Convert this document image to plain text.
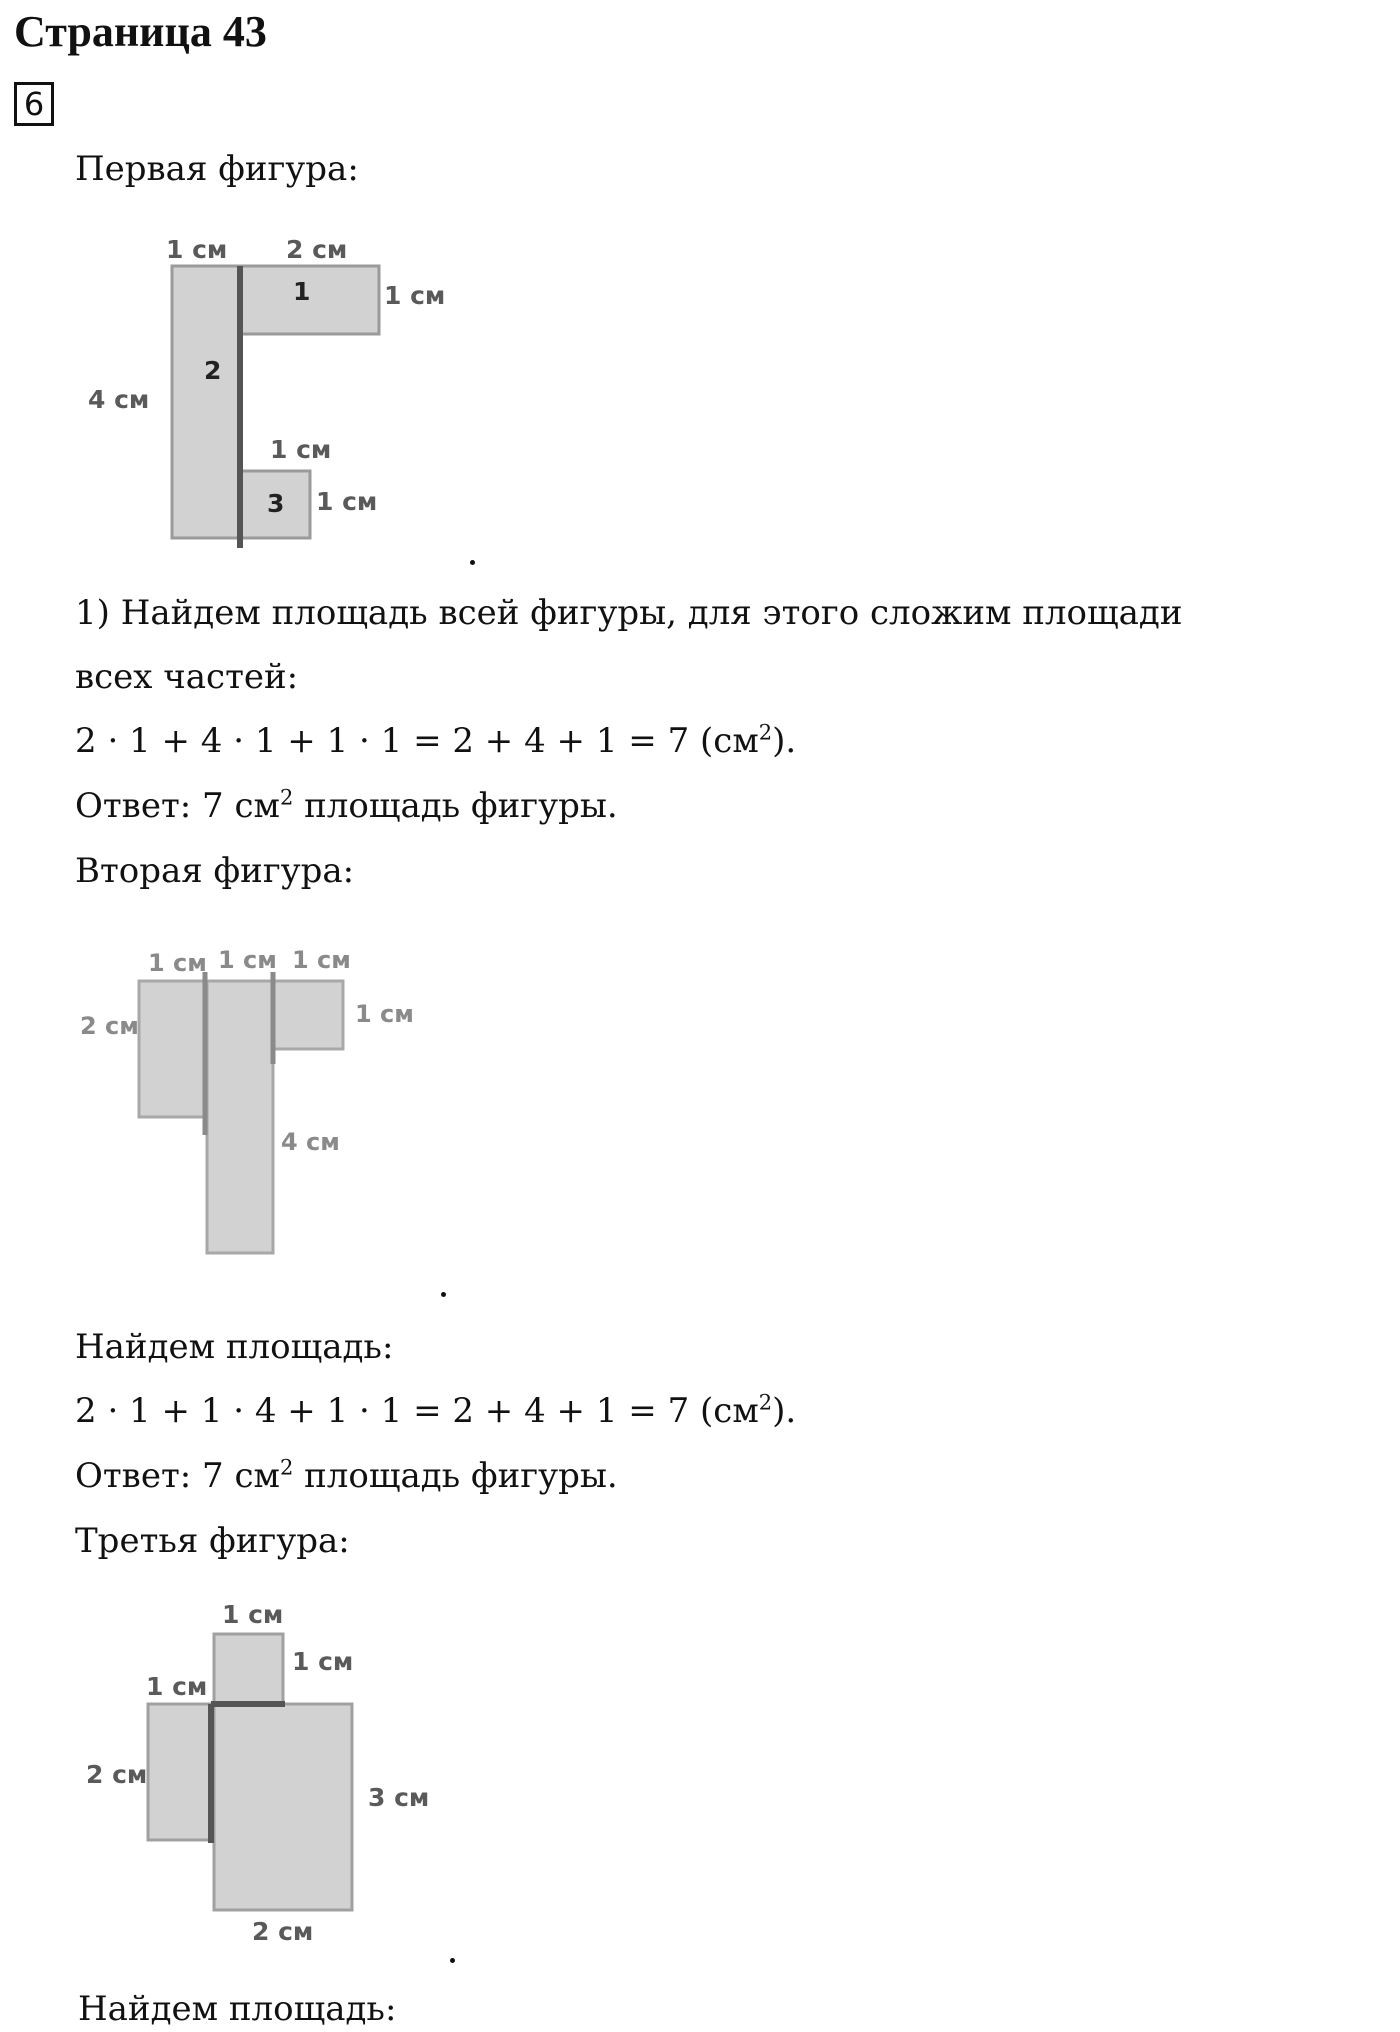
Страница 43
6
Первая фигура:
1 см 2 см
1 см
4 см
1 см
1 см
1
2
3
1 см 1 см 1 см
1 см
2 см
4 см
1 см
1 см
1 см
2 см
3 см
2 см
1) Найдем площадь всей фигуры, для этого сложим площади
всех частей:
2 · 1 + 4 · 1 + 1 · 1 = 2 + 4 + 1 = 7 $(см^2)$.
Ответ: 7 $см^2$ площадь фигуры.
Вторая фигура:
Найдем площадь:
2 · 1 + 1 · 4 + 1 · 1 = 2 + 4 + 1 = 7 $(см^2)$.
Ответ: 7 $см^2$ площадь фигуры.
Третья фигура:
Найдем площадь:
